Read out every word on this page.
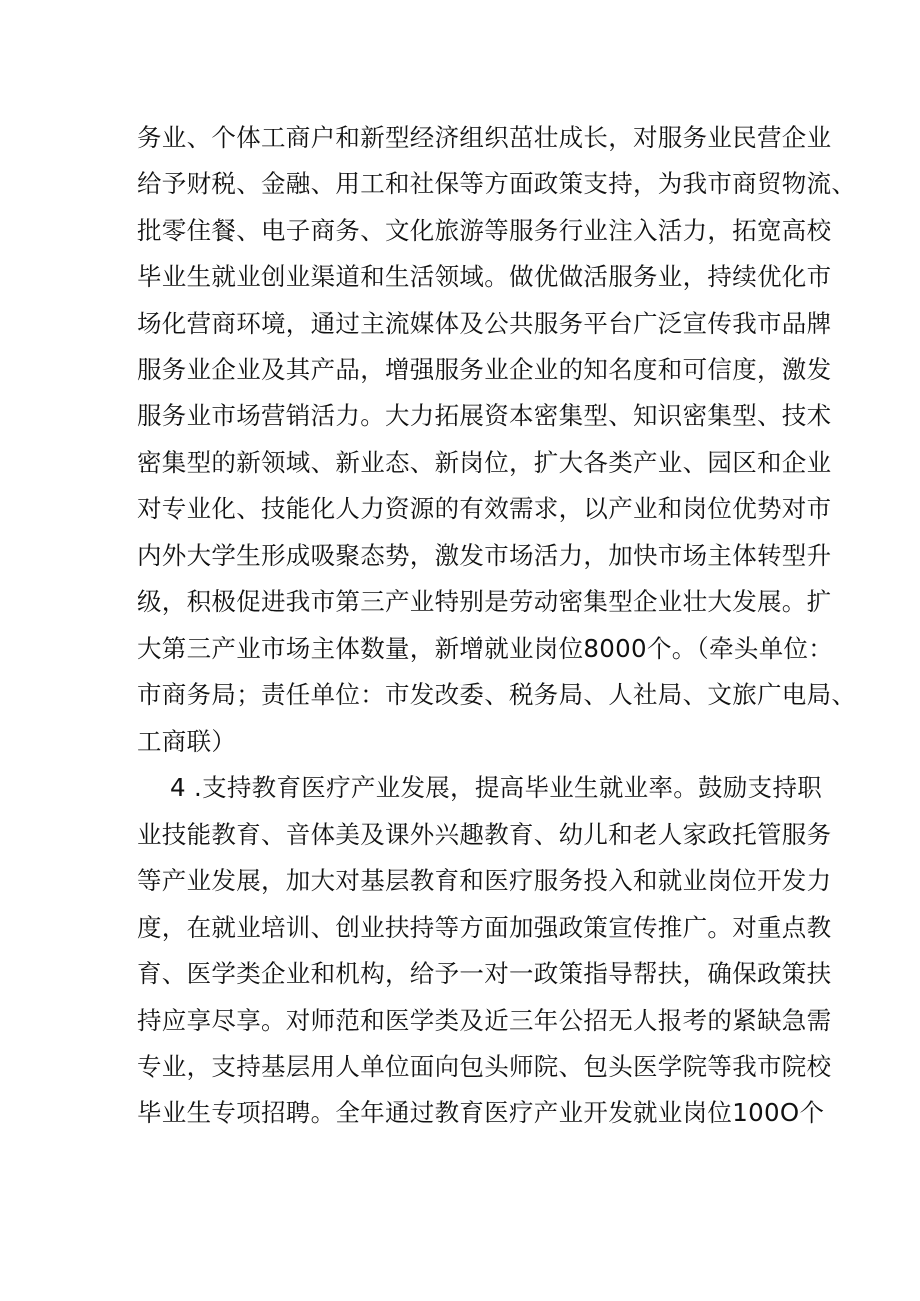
务业、个体工商户和新型经济组织茁壮成长，对服务业民营企业
给予财税、金融、用工和社保等方面政策支持，为我市商贸物流、
批零住餐、电子商务、文化旅游等服务行业注入活力，拓宽高校
毕业生就业创业渠道和生活领域。做优做活服务业，持续优化市
场化营商环境，通过主流媒体及公共服务平台广泛宣传我市品牌
服务业企业及其产品，增强服务业企业的知名度和可信度，激发
服务业市场营销活力。大力拓展资本密集型、知识密集型、技术
密集型的新领域、新业态、新岗位，扩大各类产业、园区和企业
对专业化、技能化人力资源的有效需求，以产业和岗位优势对市
内外大学生形成吸聚态势，激发市场活力，加快市场主体转型升
级，积极促进我市第三产业特别是劳动密集型企业壮大发展。扩
大第三产业市场主体数量，新增就业岗位8000个。（牵头单位：
市商务局；责任单位：市发改委、税务局、人社局、文旅广电局、
工商联）
4 .支持教育医疗产业发展，提高毕业生就业率。鼓励支持职
业技能教育、音体美及课外兴趣教育、幼儿和老人家政托管服务
等产业发展，加大对基层教育和医疗服务投入和就业岗位开发力
度，在就业培训、创业扶持等方面加强政策宣传推广。对重点教
育、医学类企业和机构，给予一对一政策指导帮扶，确保政策扶
持应享尽享。对师范和医学类及近三年公招无人报考的紧缺急需
专业，支持基层用人单位面向包头师院、包头医学院等我市院校
毕业生专项招聘。全年通过教育医疗产业开发就业岗位100O个
